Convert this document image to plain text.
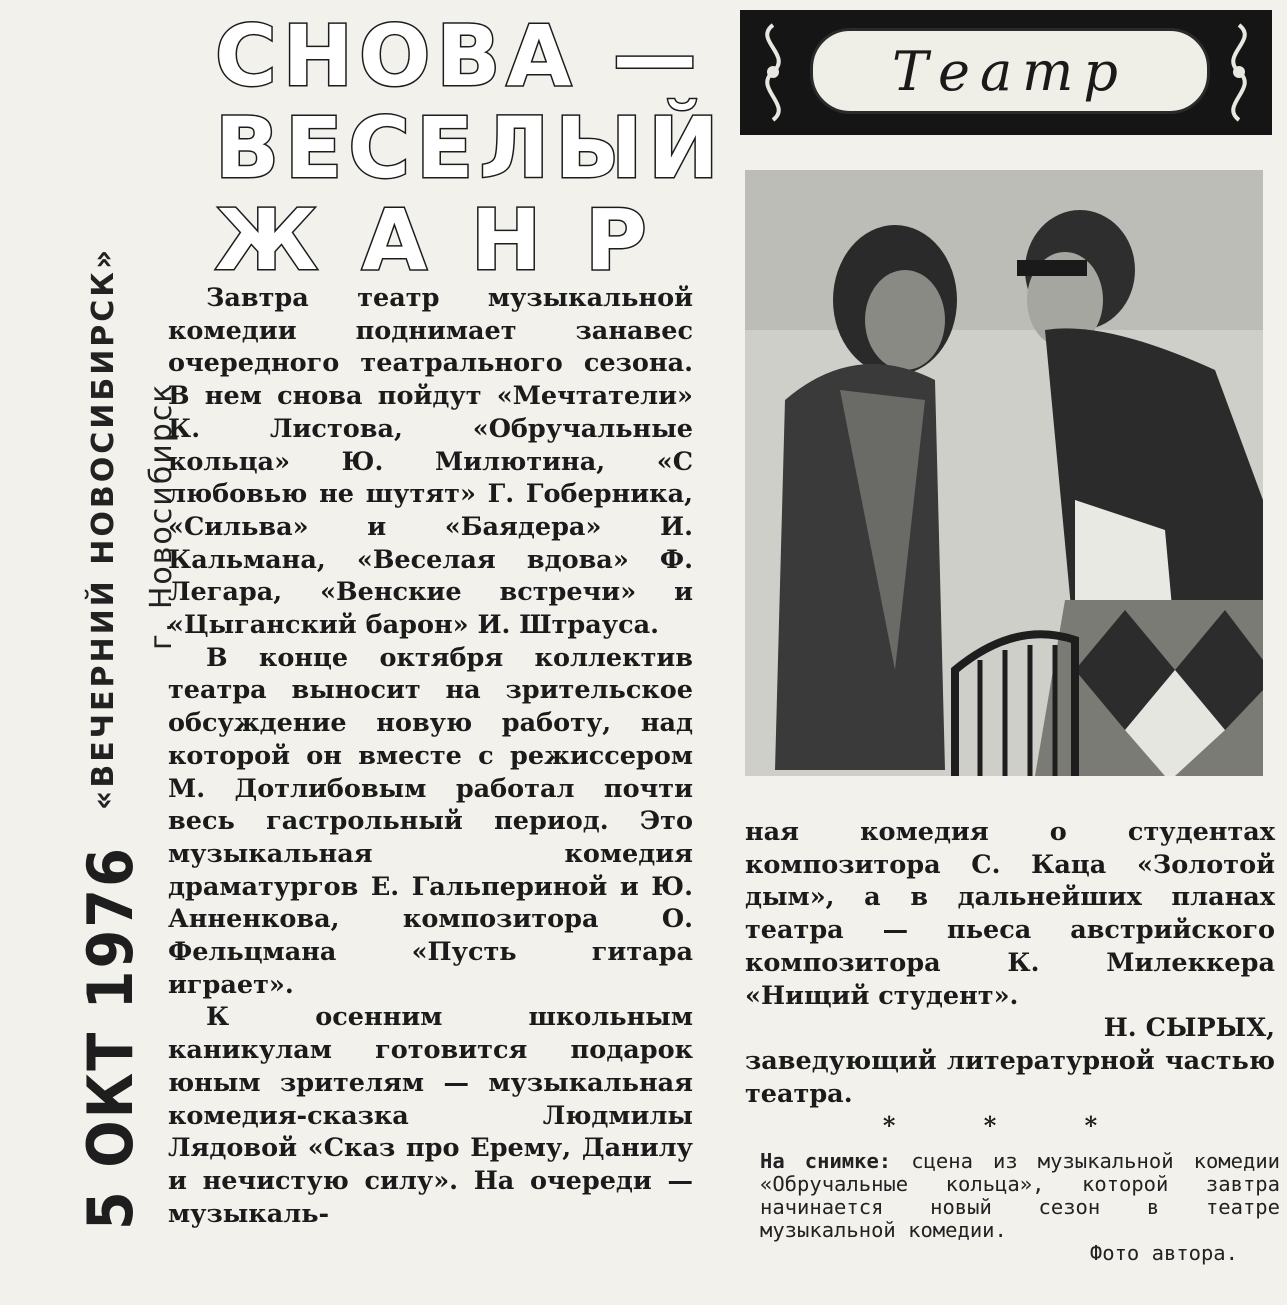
5 ОКТ 1976
«ВЕЧЕРНИЙ НОВОСИБИРСК» г. Новосибирск
СНОВА —
ВЕСЕЛЫЙ
ЖАНР

Завтра театр музыкальной комедии поднимает занавес очередного театрального сезона. В нем снова пойдут «Мечтатели» К. Листова, «Обручальные кольца» Ю. Милютина, «С любовью не шутят» Г. Гоберника, «Сильва» и «Баядера» И. Кальмана, «Веселая вдова» Ф. Легара, «Венские встречи» и «Цыганский барон» И. Штрауса.

В конце октября коллектив театра выносит на зрительское обсуждение новую работу, над которой он вместе с режиссером М. Дотлибовым работал почти весь гастрольный период. Это музыкальная комедия драматургов Е. Гальпериной и Ю. Анненкова, композитора О. Фельцмана «Пусть гитара играет».

К осенним школьным каникулам готовится подарок юным зрителям — музыкальная комедия-сказка Людмилы Лядовой «Сказ про Ерему, Данилу и нечистую силу». На очереди — музыкаль-

Театр

ная комедия о студентах композитора С. Каца «Золотой дым», а в дальнейших планах театра — пьеса австрийского композитора К. Милеккера «Нищий студент».

Н. СЫРЫХ,

заведующий литературной частью театра.

* * *

На снимке: сцена из музыкальной комедии «Обручальные кольца», которой завтра начинается новый сезон в театре музыкальной комедии.
Фото автора.
